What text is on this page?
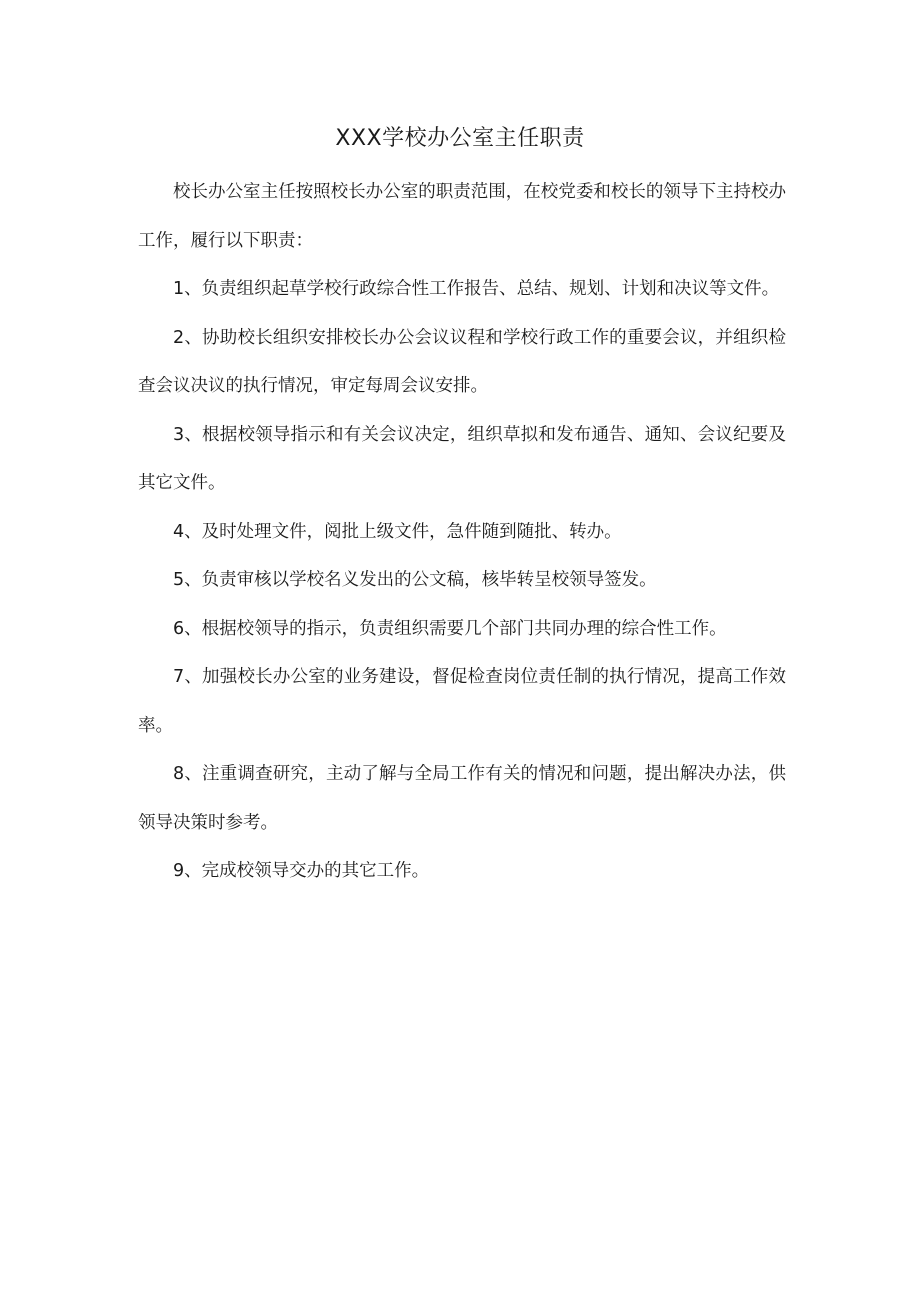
XXX学校办公室主任职责

校长办公室主任按照校长办公室的职责范围，在校党委和校长的领导下主持校办工作，履行以下职责：

1、负责组织起草学校行政综合性工作报告、总结、规划、计划和决议等文件。

2、协助校长组织安排校长办公会议议程和学校行政工作的重要会议，并组织检查会议决议的执行情况，审定每周会议安排。

3、根据校领导指示和有关会议决定，组织草拟和发布通告、通知、会议纪要及其它文件。

4、及时处理文件，阅批上级文件，急件随到随批、转办。

5、负责审核以学校名义发出的公文稿，核毕转呈校领导签发。

6、根据校领导的指示，负责组织需要几个部门共同办理的综合性工作。

7、加强校长办公室的业务建设，督促检查岗位责任制的执行情况，提高工作效率。

8、注重调查研究，主动了解与全局工作有关的情况和问题，提出解决办法，供领导决策时参考。

9、完成校领导交办的其它工作。
